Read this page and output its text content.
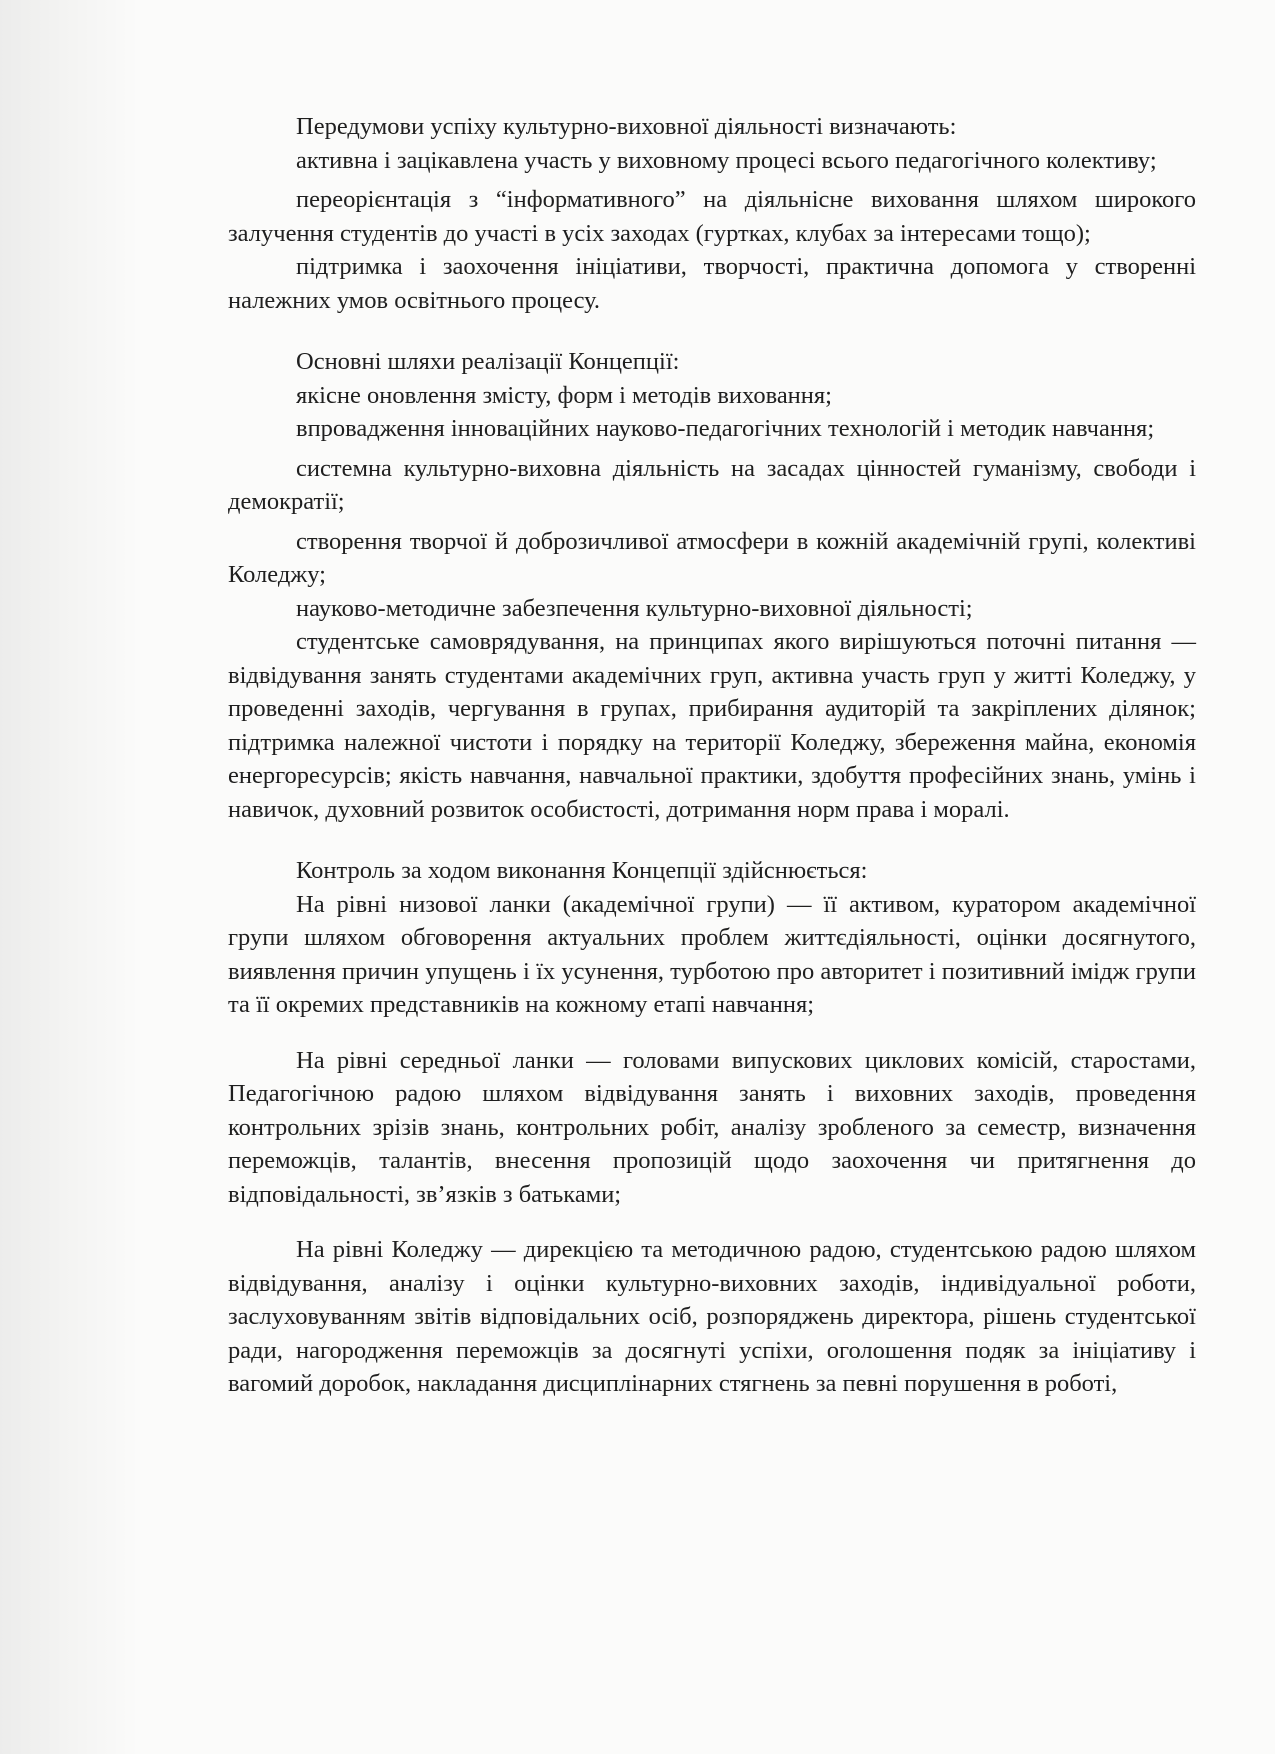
Передумови успіху культурно-виховної діяльності визначають:

активна і зацікавлена участь у виховному процесі всього педагогічного колективу;

переорієнтація з “інформативного” на діяльнісне виховання шляхом широкого залучення студентів до участі в усіх заходах (гуртках, клубах за інтересами тощо);

підтримка і заохочення ініціативи, творчості, практична допомога у створенні належних умов освітнього процесу.

Основні шляхи реалізації Концепції:

якісне оновлення змісту, форм і методів виховання;

впровадження інноваційних науково-педагогічних технологій і методик навчання;

системна культурно-виховна діяльність на засадах цінностей гуманізму, свободи і демократії;

створення творчої й доброзичливої атмосфери в кожній академічній групі, колективі Коледжу;

науково-методичне забезпечення культурно-виховної діяльності;

студентське самоврядування, на принципах якого вирішуються поточні питання — відвідування занять студентами академічних груп, активна участь груп у житті Коледжу, у проведенні заходів, чергування в групах, прибирання аудиторій та закріплених ділянок; підтримка належної чистоти і порядку на території Коледжу, збереження майна, економія енергоресурсів; якість навчання, навчальної практики, здобуття професійних знань, умінь і навичок, духовний розвиток особистості, дотримання норм права і моралі.

Контроль за ходом виконання Концепції здійснюється:

На рівні низової ланки (академічної групи) — її активом, куратором академічної групи шляхом обговорення актуальних проблем життєдіяльності, оцінки досягнутого, виявлення причин упущень і їх усунення, турботою про авторитет і позитивний імідж групи та її окремих представників на кожному етапі навчання;

На рівні середньої ланки — головами випускових циклових комісій, старостами, Педагогічною радою шляхом відвідування занять і виховних заходів, проведення контрольних зрізів знань, контрольних робіт, аналізу зробленого за семестр, визначення переможців, талантів, внесення пропозицій щодо заохочення чи притягнення до відповідальності, зв’язків з батьками;

На рівні Коледжу — дирекцією та методичною радою, студентською радою шляхом відвідування, аналізу і оцінки культурно-виховних заходів, індивідуальної роботи, заслуховуванням звітів відповідальних осіб, розпоряджень директора, рішень студентської ради, нагородження переможців за досягнуті успіхи, оголошення подяк за ініціативу і вагомий доробок, накладання дисциплінарних стягнень за певні порушення в роботі,
